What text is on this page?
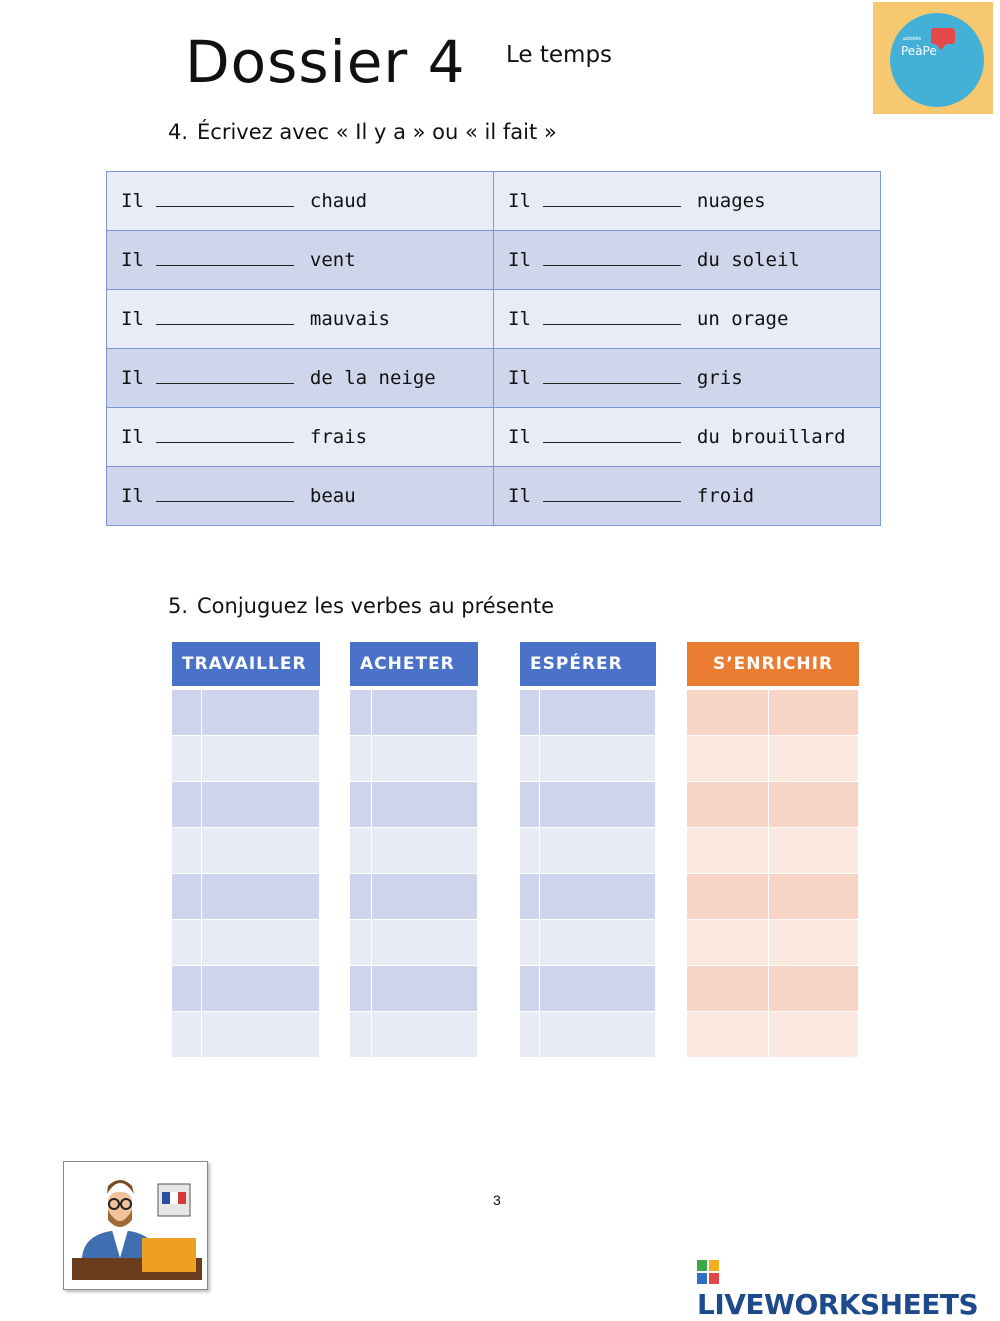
Dossier 4 Le temps
activités
PeàPe
4. Écrivez avec « Il y a » ou « il fait »
Il chaud	Il nuages
Il vent	Il du soleil
Il mauvais	Il un orage
Il de la neige	Il gris
Il frais	Il du brouillard
Il beau	Il froid
5. Conjuguez les verbes au présente
TRAVAILLER	ACHETER	ESPÉRER	S’ENRICHIR
3
LIVEWORKSHEETS
